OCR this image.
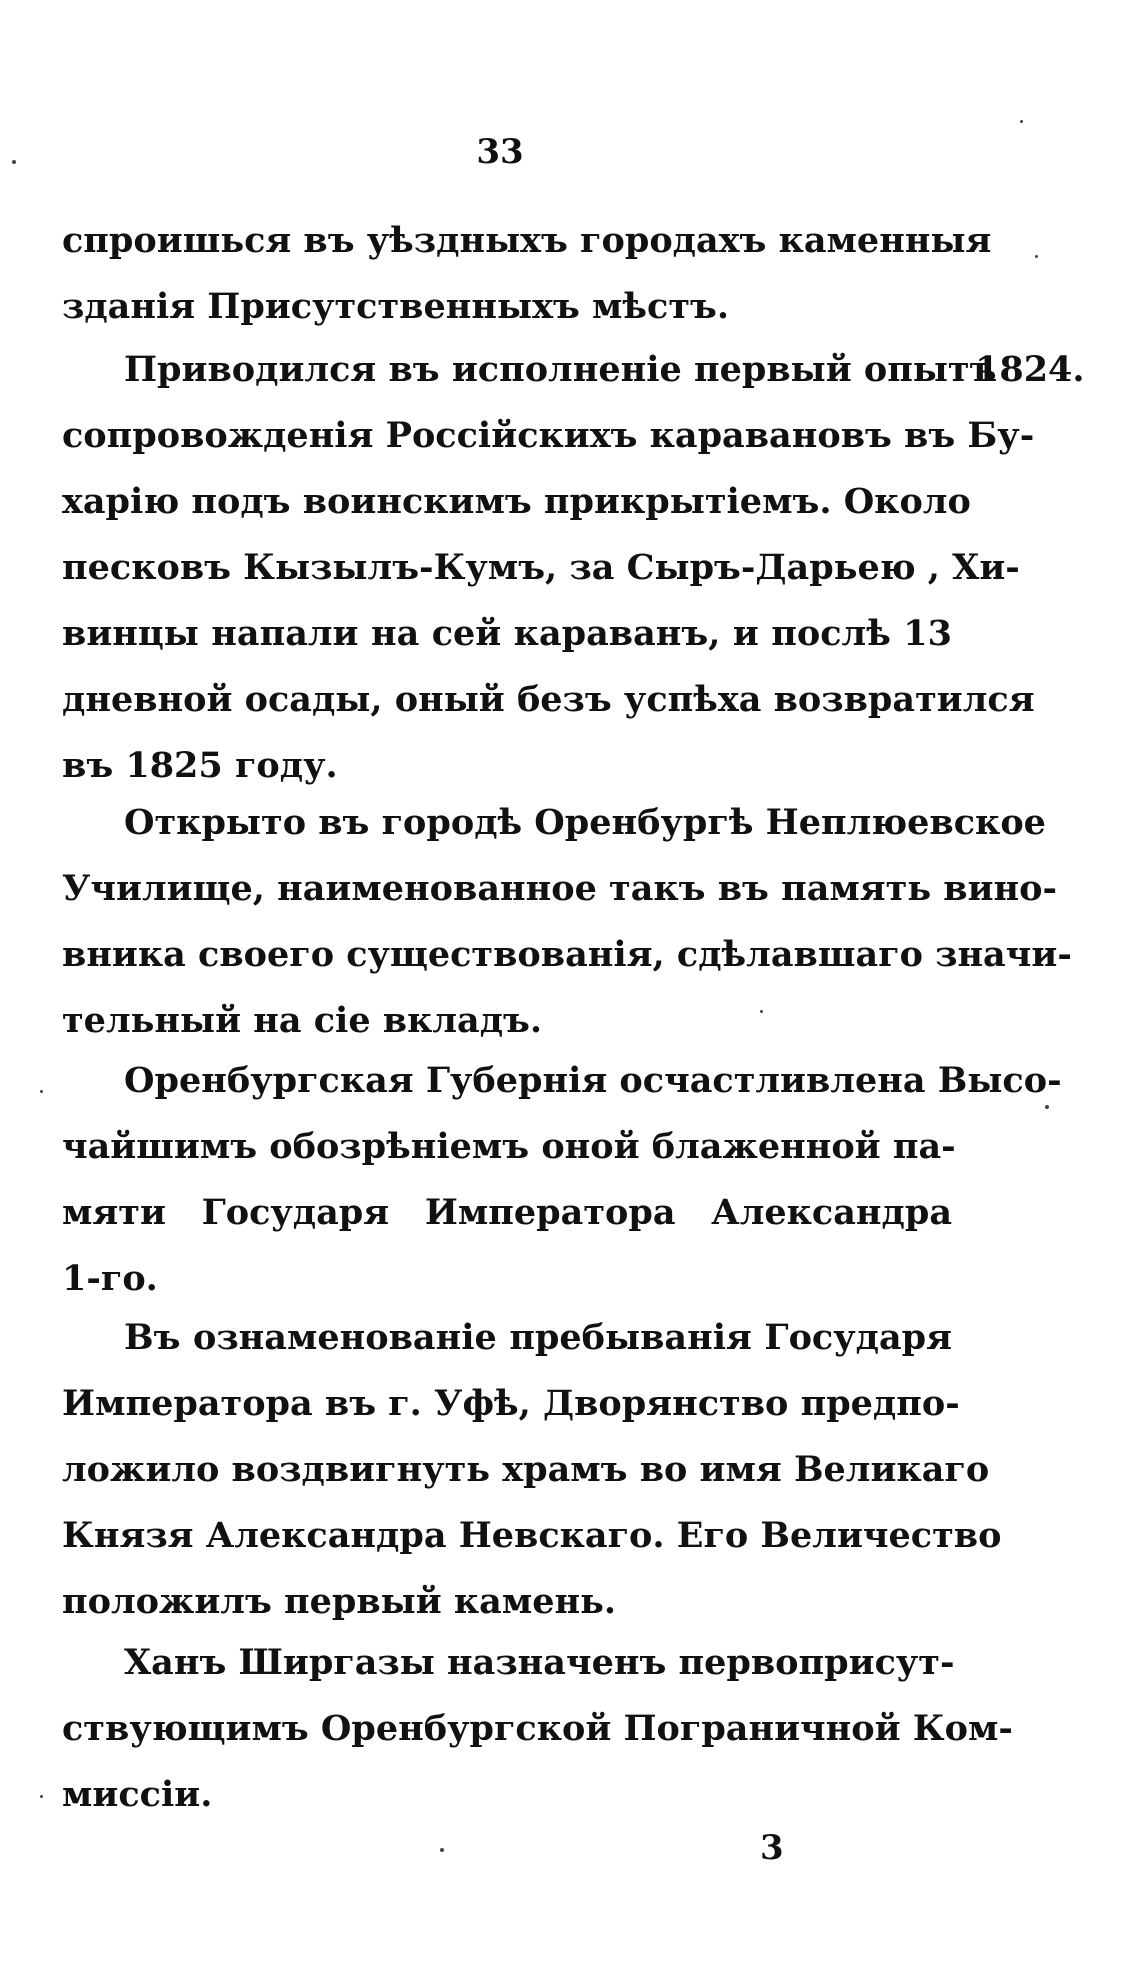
33
1824.
спроишься въ уѣздныхъ городахъ каменныя
зданія Присутственныхъ мѣстъ.
Приводился въ исполненіе первый опытъ
сопровожденія Россійскихъ каравановъ въ Бу-
харію подъ воинскимъ прикрытіемъ. Около
песковъ Кызылъ-Кумъ, за Сыръ-Дарьею , Хи-
винцы напали на сей караванъ, и послѣ 13
дневной осады, оный безъ успѣха возвратился
въ 1825 году.
Открыто въ городѣ Оренбургѣ Неплюевское
Училище, наименованное такъ въ память вино-
вника своего существованія, сдѣлавшаго значи-
тельный на сіе вкладъ.
Оренбургская Губернія осчастливлена Высо-
чайшимъ обозрѣніемъ оной блаженной па-
мяти Государя Императора Александра
1-го.
Въ ознаменованіе пребыванія Государя
Императора въ г. Уфѣ, Дворянство предпо-
ложило воздвигнуть храмъ во имя Великаго
Князя Александра Невскаго. Его Величество
положилъ первый камень.
Ханъ Ширгазы назначенъ первоприсут-
ствующимъ Оренбургской Пограничной Ком-
миссіи.
3
